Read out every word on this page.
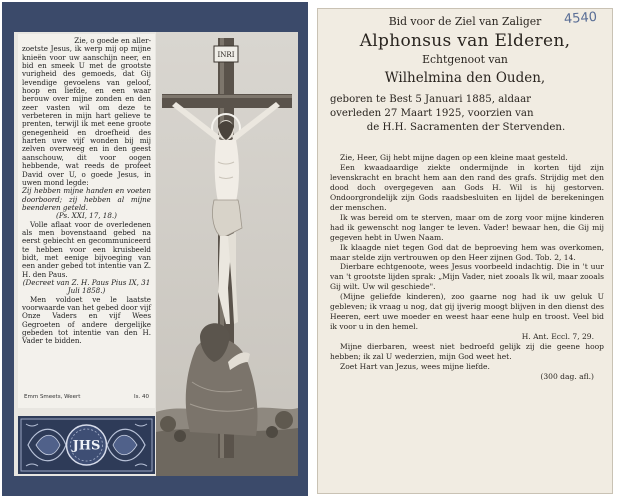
Zie, o goede en aller-

zoetste Jesus, ik werp mij op mijne knieën voor uw aanschijn neer, en bid en smeek U met de grootste vurigheid des gemoeds, dat Gij levendige gevoelens van geloof, hoop en liefde, en een waar berouw over mijne zonden en den zeer vasten wil om deze te verbeteren in mijn hart gelieve te prenten, terwijl ik met eene groote genegenheid en droefheid des harten uwe vijf wonden bij mij zelven overweeg en in den geest aanschouw, dit voor oogen hebbende, wat reeds de profeet David over U, o goede Jesus, in uwen mond legde:

Zij hebben mijne handen en voeten doorboord; zij hebben al mijne beenderen geteld.

(Ps. XXI, 17, 18.)

Volle aflaat voor de overledenen als men bovenstaand gebed na eerst gebiecht en gecommuniceerd te hebben voor een kruisbeeld bidt, met eenige bijvoeging van een ander gebed tot intentie van Z. H. den Paus.

(Decreet van Z. H. Paus Pius IX, 31 Juli 1858.)

Men voldoet ve le laatste voorwaarde van het gebed door vijf Onze Vaders en vijf Wees Gegroeten of andere dergelijke gebeden tot intentie van den H. Vader te bidden.

Emm Smeets, Weert	Is. 40
JHS
INRI
Bid voor de Ziel van Zaliger	4540
Alphonsus van Elderen,
Echtgenoot van
Wilhelmina den Ouden,
geboren te Best 5 Januari 1885, aldaar
overleden 27 Maart 1925, voorzien van
de H.H. Sacramenten der Stervenden.

Zie, Heer, Gij hebt mijne dagen op een kleine maat gesteld.

Een kwaadaardige ziekte ondermijnde in korten tijd zijn levenskracht en bracht hem aan den rand des grafs. Strijdig met den dood doch overgegeven aan Gods H. Wil is hij gestorven. Ondoorgrondelijk zijn Gods raadsbesluiten en lijdel de berekeningen der menschen.

Ik was bereid om te sterven, maar om de zorg voor mijne kinderen had ik gewenscht nog langer te leven. Vader! bewaar hen, die Gij mij gegeven hebt in Uwen Naam.

Ik klaagde niet tegen God dat de beproeving hem was overkomen, maar stelde zijn vertrouwen op den Heer zijnen God. Tob. 2, 14.

Dierbare echtgenoote, wees Jesus voorbeeld indachtig. Die in 't uur van 't grootste lijden sprak: „Mijn Vader, niet zooals Ik wil, maar zooals Gij wilt. Uw wil geschiede".

(Mijne geliefde kinderen), zoo gaarne nog had ik uw geluk U gebleven; ik vraag u nog, dat gij ijverig moogt blijven in den dienst des Heeren, eert uwe moeder en weest haar eene hulp en troost. Veel bid ik voor u in den hemel.

H. Ant. Eccl. 7, 29.

Mijne dierbaren, weest niet bedroefd gelijk zij die geene hoop hebben; ik zal U wederzien, mijn God weet het.

Zoet Hart van Jezus, wees mijne liefde.

(300 dag. afl.)
